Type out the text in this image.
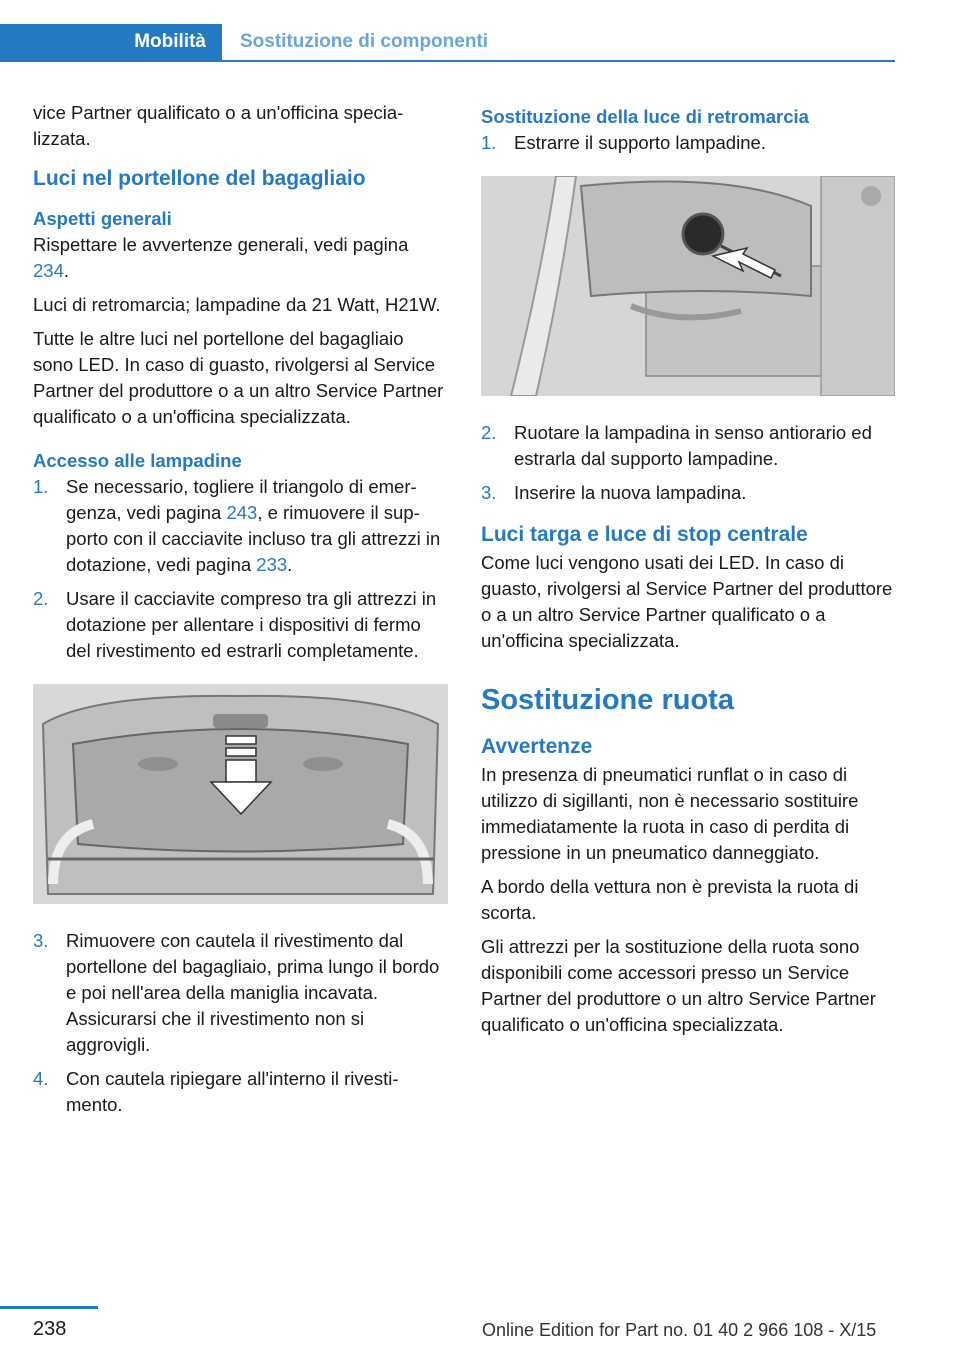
Mobilità	Sostituzione di componenti

vice Partner qualificato o a un'officina specializzata.

Luci nel portellone del bagagliaio
Aspetti generali

Rispettare le avvertenze generali, vedi pagina 234.

Luci di retromarcia; lampadine da 21 Watt, H21W.

Tutte le altre luci nel portellone del bagagliaio sono LED. In caso di guasto, rivolgersi al Service Partner del produttore o a un altro Service Partner qualificato o a un'officina specializzata.

Accesso alle lampadine
1. Se necessario, togliere il triangolo di emergenza, vedi pagina 243, e rimuovere il supporto con il cacciavite incluso tra gli attrezzi in dotazione, vedi pagina 233.
2. Usare il cacciavite compreso tra gli attrezzi in dotazione per allentare i dispositivi di fermo del rivestimento ed estrarli completamente.
3. Rimuovere con cautela il rivestimento dal portellone del bagagliaio, prima lungo il bordo e poi nell'area della maniglia incavata. Assicurarsi che il rivestimento non si aggrovigli.
4. Con cautela ripiegare all'interno il rivestimento.
Sostituzione della luce di retromarcia
1. Estrarre il supporto lampadine.
2. Ruotare la lampadina in senso antiorario ed estrarla dal supporto lampadine.
3. Inserire la nuova lampadina.
Luci targa e luce di stop centrale

Come luci vengono usati dei LED. In caso di guasto, rivolgersi al Service Partner del produttore o a un altro Service Partner qualificato o a un'officina specializzata.

Sostituzione ruota
Avvertenze

In presenza di pneumatici runflat o in caso di utilizzo di sigillanti, non è necessario sostituire immediatamente la ruota in caso di perdita di pressione in un pneumatico danneggiato.

A bordo della vettura non è prevista la ruota di scorta.

Gli attrezzi per la sostituzione della ruota sono disponibili come accessori presso un Service Partner del produttore o un altro Service Partner qualificato o un'officina specializzata.

238	Online Edition for Part no. 01 40 2 966 108 - X/15
